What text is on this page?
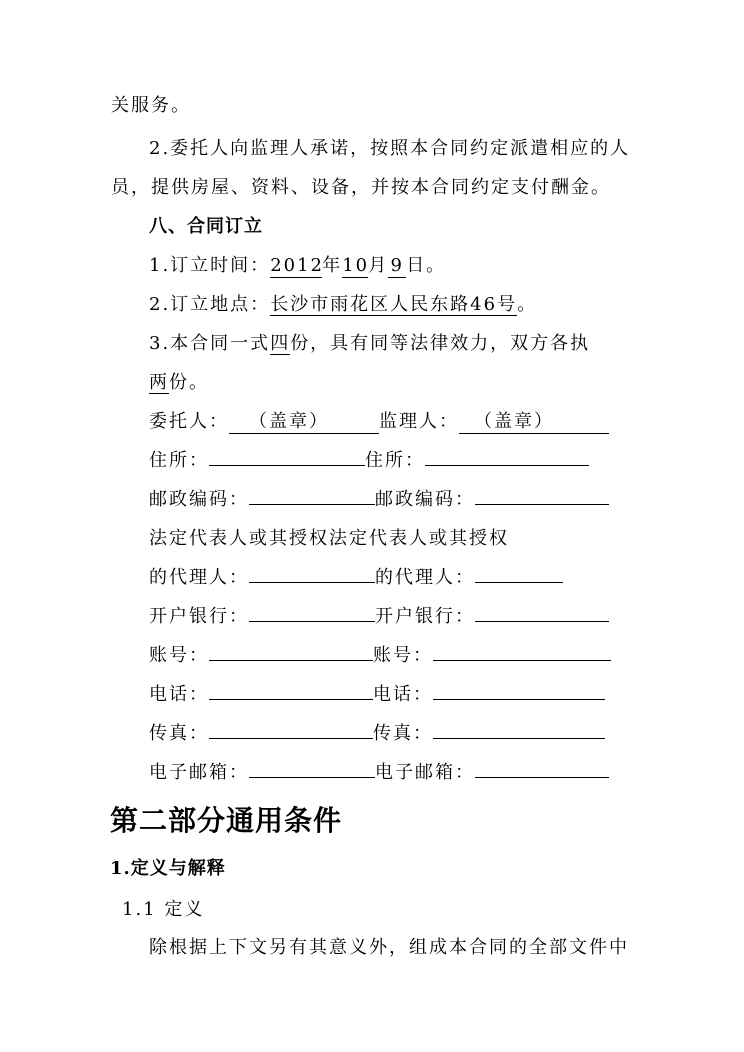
关服务。
2.委托人向监理人承诺，按照本合同约定派遣相应的人
员，提供房屋、资料、设备，并按本合同约定支付酬金。
八、合同订立
1.订立时间：2012年10月 9 日。
2.订立地点：长沙市雨花区人民东路46号。
3.本合同一式四份，具有同等法律效力，双方各执
两份。
委托人： （盖章）	监理人： （盖章）
住所：	住所：
邮政编码：	邮政编码：
法定代表人或其授权法定代表人或其授权
的代理人：	的代理人：
开户银行：	开户银行：
账号：	账号：
电话：	电话：
传真：	传真：
电子邮箱：	电子邮箱：
第二部分通用条件
1.定义与解释
1.1 定义
除根据上下文另有其意义外，组成本合同的全部文件中
